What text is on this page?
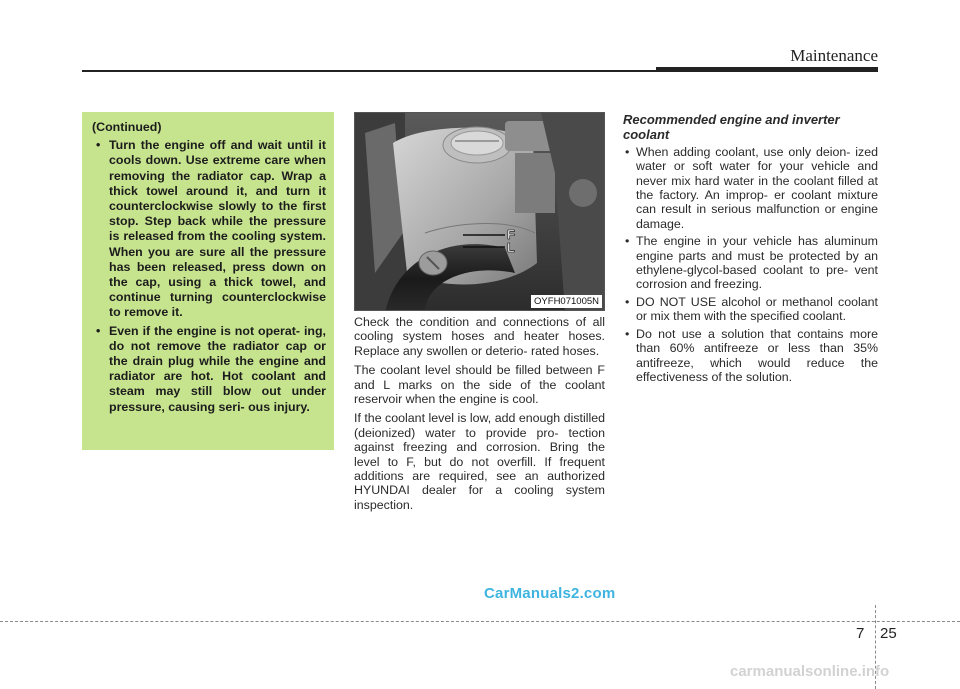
Maintenance
(Continued)
• Turn the engine off and wait until it cools down. Use extreme care when removing the radiator cap. Wrap a thick towel around it, and turn it counterclockwise slowly to the first stop. Step back while the pressure is released from the cooling system. When you are sure all the pressure has been released, press down on the cap, using a thick towel, and continue turning counterclockwise to remove it.
• Even if the engine is not operat- ing, do not remove the radiator cap or the drain plug while the engine and radiator are hot. Hot coolant and steam may still blow out under pressure, causing seri- ous injury.
F
L
OYFH071005N

Check the condition and connections of all cooling system hoses and heater hoses. Replace any swollen or deterio- rated hoses.

The coolant level should be filled between F and L marks on the side of the coolant reservoir when the engine is cool.

If the coolant level is low, add enough distilled (deionized) water to provide pro- tection against freezing and corrosion. Bring the level to F, but do not overfill. If frequent additions are required, see an authorized HYUNDAI dealer for a cooling system inspection.

Recommended engine and inverter coolant
• When adding coolant, use only deion- ized water or soft water for your vehicle and never mix hard water in the coolant filled at the factory. An improp- er coolant mixture can result in serious malfunction or engine damage.
• The engine in your vehicle has aluminum engine parts and must be protected by an ethylene-glycol-based coolant to pre- vent corrosion and freezing.
• DO NOT USE alcohol or methanol coolant or mix them with the specified coolant.
• Do not use a solution that contains more than 60% antifreeze or less than 35% antifreeze, which would reduce the effectiveness of the solution.
CarManuals2.com
7 25
carmanualsonline.info
